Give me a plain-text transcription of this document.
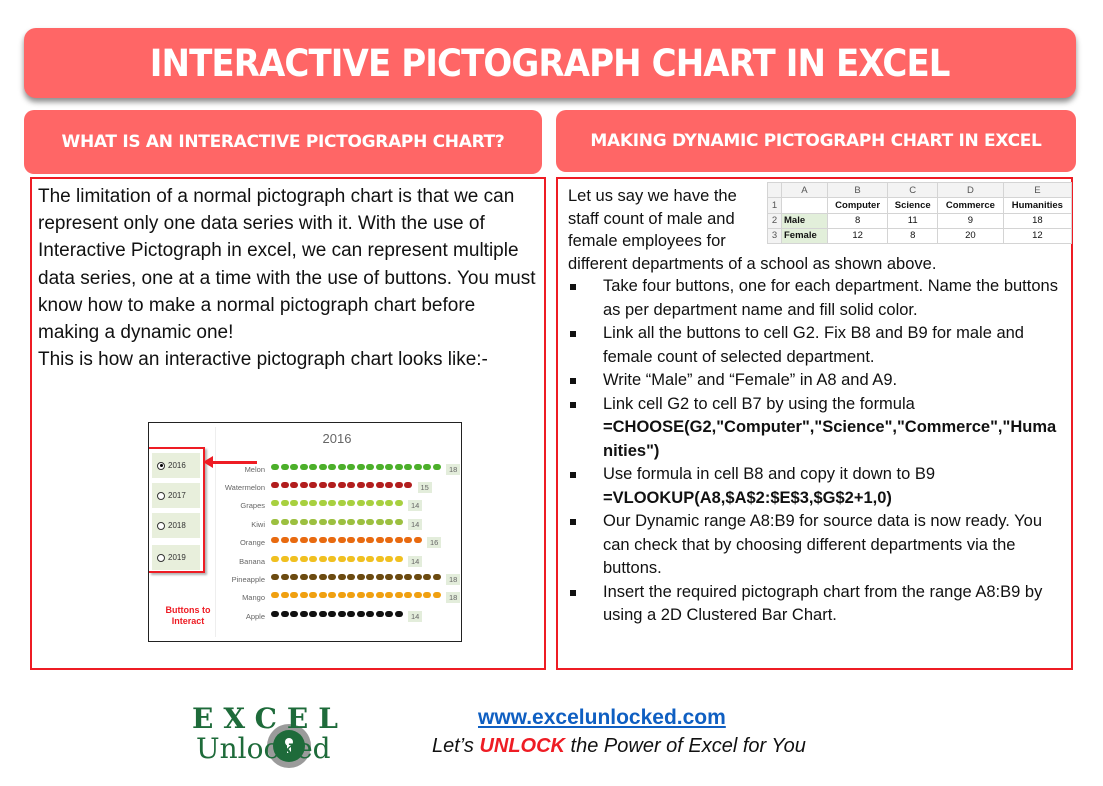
INTERACTIVE PICTOGRAPH CHART IN EXCEL
WHAT IS AN INTERACTIVE PICTOGRAPH CHART?	MAKING DYNAMIC PICTOGRAPH CHART IN EXCEL
The limitation of a normal pictograph chart is that we can represent only one data series with it. With the use of Interactive Pictograph in excel, we can represent multiple data series, one at a time with the use of buttons. You must know how to make a normal pictograph chart before making a dynamic one!
This is how an interactive pictograph chart looks like:-
2016
2016
2017
2018
2019
Buttons to
Interact
Melon	18
Watermelon	15
Grapes	14
Kiwi	14
Orange	16
Banana	14
Pineapple	18
Mango	18
Apple	14
	A	B	C	D	E
1		Computer	Science	Commerce	Humanities
2	Male	8	11	9	18
3	Female	12	8	20	12
Let us say we have the staff count of male and female employees for
different departments of a school as shown above.
Take four buttons, one for each department. Name the buttons as per department name and fill solid color.
Link all the buttons to cell G2. Fix B8 and B9 for male and female count of selected department.
Write “Male” and “Female” in A8 and A9.
Link cell G2 to cell B7 by using the formula
=CHOOSE(G2,"Computer","Science","Commerce","Humanities")
Use formula in cell B8 and copy it down to B9
=VLOOKUP(A8,$A$2:$E$3,$G$2+1,0)
Our Dynamic range A8:B9 for source data is now ready. You can check that by choosing different departments via the buttons.
Insert the required pictograph chart from the range A8:B9 by using a 2D Clustered Bar Chart.
EXCEL
Unlocked
www.excelunlocked.com
Let’s UNLOCK the Power of Excel for You
